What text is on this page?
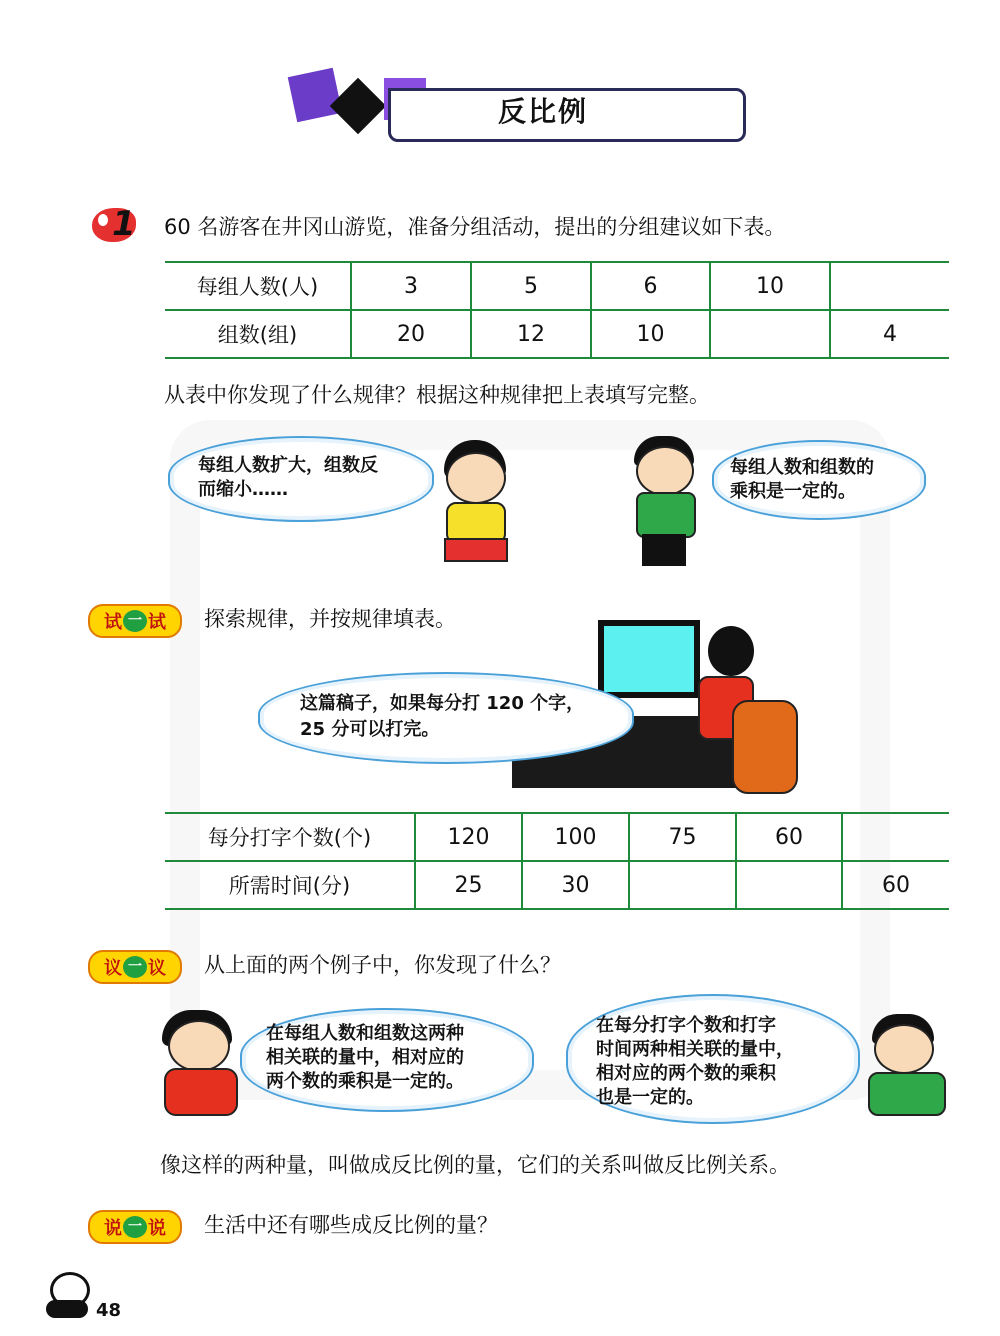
反比例
1 60 名游客在井冈山游览，准备分组活动，提出的分组建议如下表。
每组人数(人)	3	5	6	10	
组数(组)	20	12	10		4
从表中你发现了什么规律？根据这种规律把上表填写完整。
每组人数扩大，组数反
而缩小……
每组人数和组数的
乘积是一定的。
试 一 试 探索规律，并按规律填表。
这篇稿子，如果每分打 120 个字，
25 分可以打完。
每分打字个数(个)	120	100	75	60	
所需时间(分)	25	30			60
议 一 议 从上面的两个例子中，你发现了什么？
在每组人数和组数这两种
相关联的量中，相对应的
两个数的乘积是一定的。
在每分打字个数和打字
时间两种相关联的量中，
相对应的两个数的乘积
也是一定的。
像这样的两种量，叫做成反比例的量，它们的关系叫做反比例关系。
说 一 说 生活中还有哪些成反比例的量？
48
